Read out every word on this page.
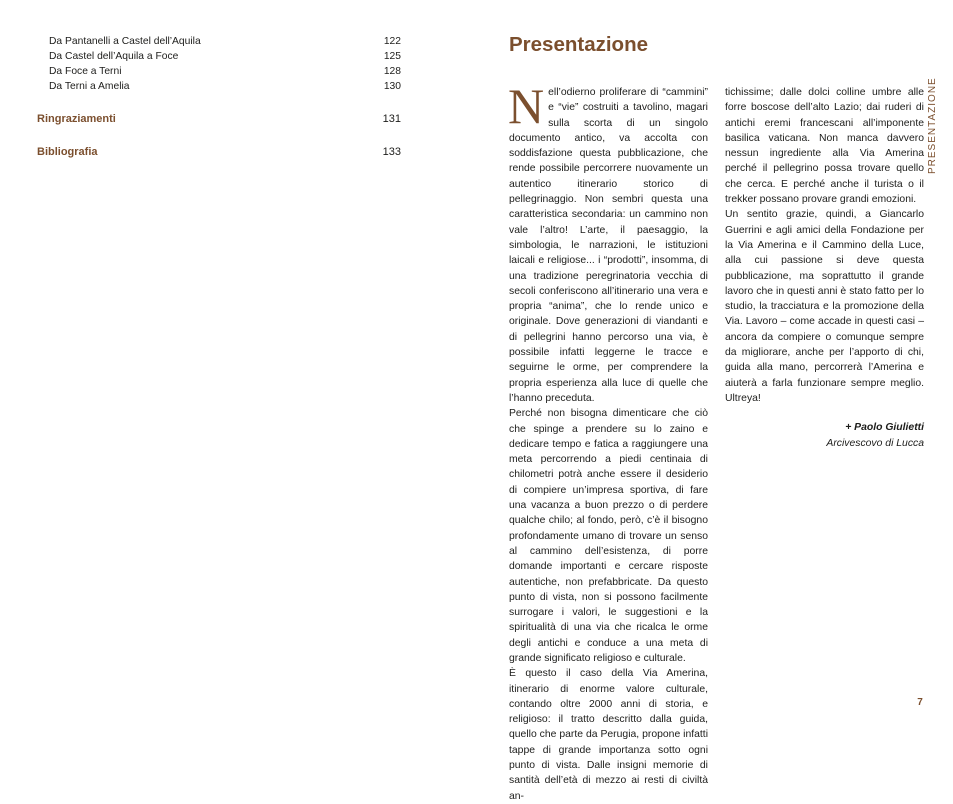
Da Pantanelli a Castel dell’Aquila	122
Da Castel dell’Aquila a Foce	125
Da Foce a Terni	128
Da Terni a Amelia	130
Ringraziamenti	131
Bibliografia	133
Presentazione

Nell’odierno proliferare di “cammini” e “vie” costruiti a tavolino, magari sulla scorta di un singolo documento antico, va accolta con soddisfazione questa pubblicazione, che rende possibile percorrere nuovamente un autentico itinerario storico di pellegrinaggio. Non sembri questa una caratteristica secondaria: un cammino non vale l’altro! L’arte, il paesaggio, la simbologia, le narrazioni, le istituzioni laicali e religiose... i “prodotti”, insomma, di una tradizione peregrinatoria vecchia di secoli conferiscono all’itinerario una vera e propria “anima”, che lo rende unico e originale. Dove generazioni di viandanti e di pellegrini hanno percorso una via, è possibile infatti leggerne le tracce e seguirne le orme, per comprendere la propria esperienza alla luce di quelle che l’hanno preceduta.

Perché non bisogna dimenticare che ciò che spinge a prendere su lo zaino e dedicare tempo e fatica a raggiungere una meta percorrendo a piedi centinaia di chilometri potrà anche essere il desiderio di compiere un’impresa sportiva, di fare una vacanza a buon prezzo o di perdere qualche chilo; al fondo, però, c’è il bisogno profondamente umano di trovare un senso al cammino dell’esistenza, di porre domande importanti e cercare risposte autentiche, non prefabbricate. Da questo punto di vista, non si possono facilmente surrogare i valori, le suggestioni e la spiritualità di una via che ricalca le orme degli antichi e conduce a una meta di grande significato religioso e culturale.

È questo il caso della Via Amerina, itinerario di enorme valore culturale, contando oltre 2000 anni di storia, e religioso: il tratto descritto dalla guida, quello che parte da Perugia, propone infatti tappe di grande importanza sotto ogni punto di vista. Dalle insigni memorie di santità dell’età di mezzo ai resti di civiltà an-

tichissime; dalle dolci colline umbre alle forre boscose dell’alto Lazio; dai ruderi di antichi eremi francescani all’imponente basilica vaticana. Non manca davvero nessun ingrediente alla Via Amerina perché il pellegrino possa trovare quello che cerca. E perché anche il turista o il trekker possano provare grandi emozioni.

Un sentito grazie, quindi, a Giancarlo Guerrini e agli amici della Fondazione per la Via Amerina e il Cammino della Luce, alla cui passione si deve questa pubblicazione, ma soprattutto il grande lavoro che in questi anni è stato fatto per lo studio, la tracciatura e la promozione della Via. Lavoro – come accade in questi casi – ancora da compiere o comunque sempre da migliorare, anche per l’apporto di chi, guida alla mano, percorrerà l’Amerina e aiuterà a farla funzionare sempre meglio. Ultreya!

+ Paolo Giulietti
Arcivescovo di Lucca
PRESENTAZIONE
7
